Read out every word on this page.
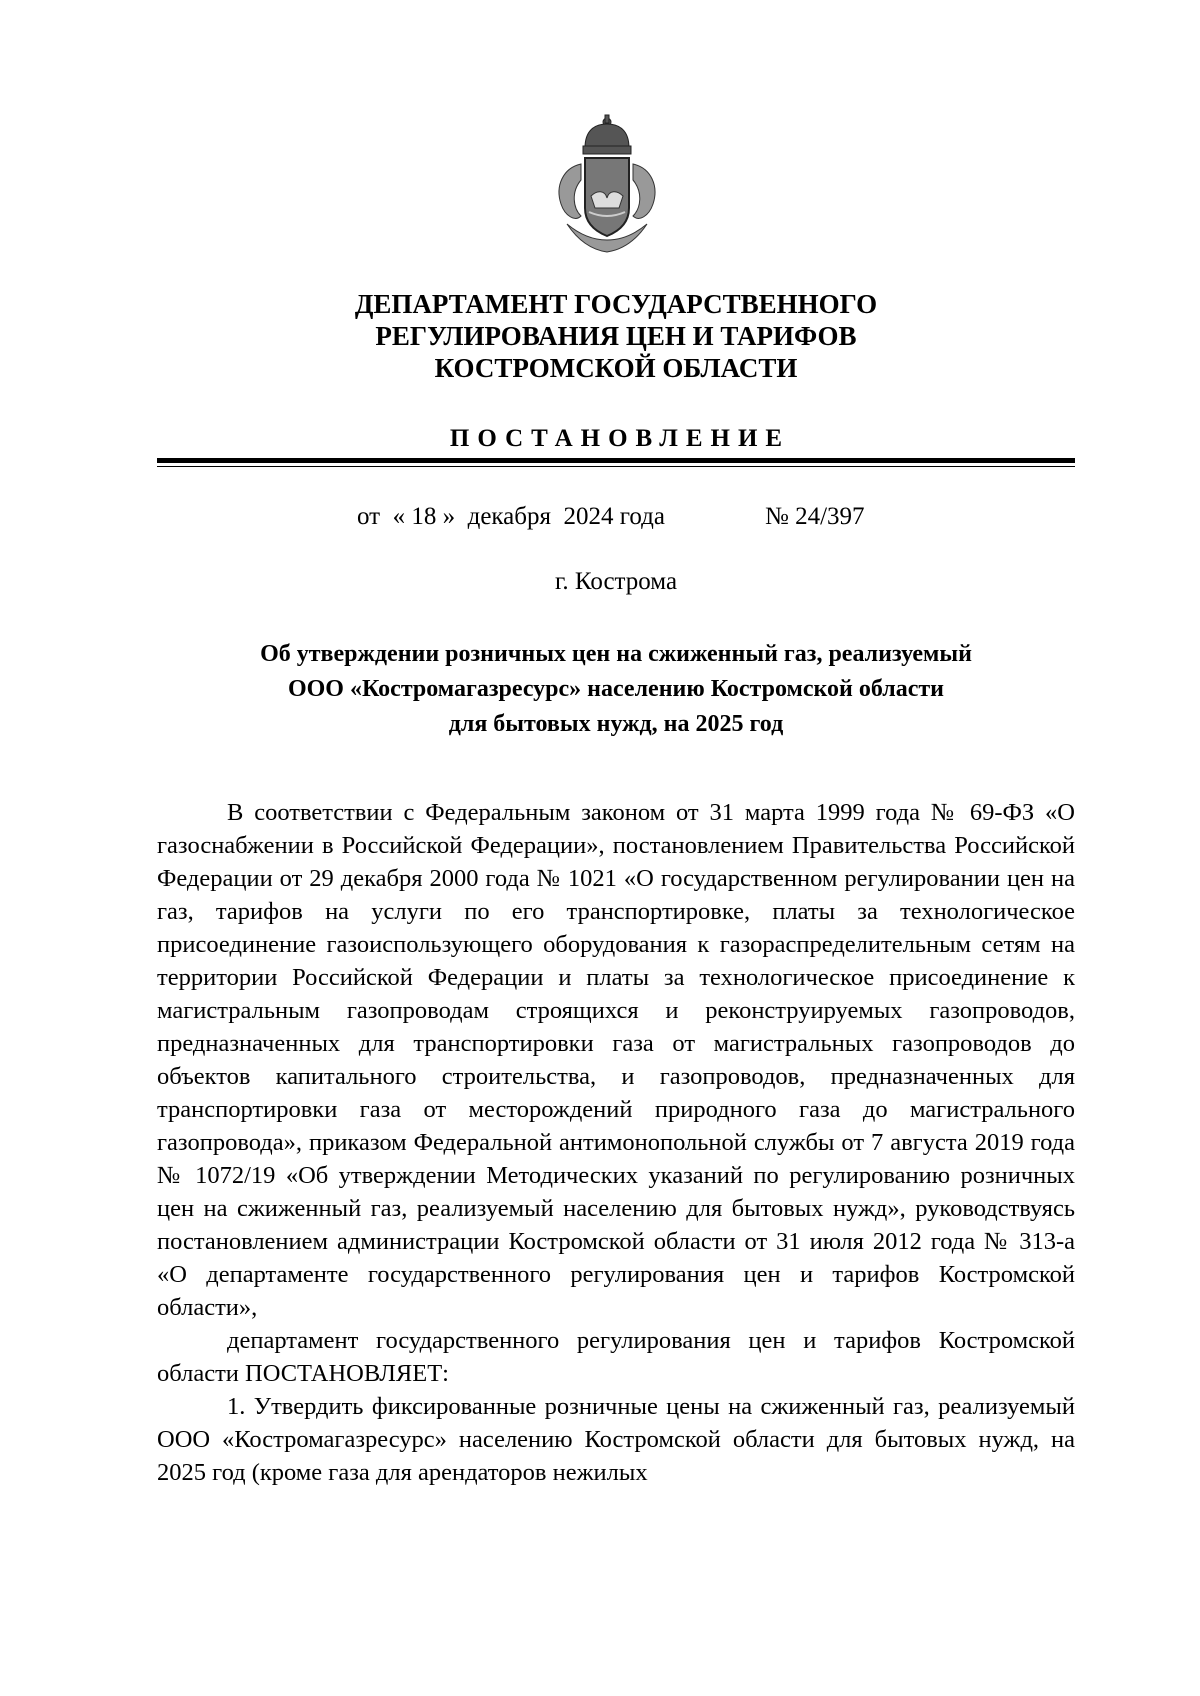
ДЕПАРТАМЕНТ ГОСУДАРСТВЕННОГО
РЕГУЛИРОВАНИЯ ЦЕН И ТАРИФОВ
КОСТРОМСКОЙ ОБЛАСТИ
ПОСТАНОВЛЕНИЕ
от  « 18 »  декабря  2024 года	№ 24/397
г. Кострома
Об утверждении розничных цен на сжиженный газ, реализуемый
ООО «Костромагазресурс» населению Костромской области
для бытовых нужд, на 2025 год

В соответствии с Федеральным законом от 31 марта 1999 года № 69-ФЗ «О газоснабжении в Российской Федерации», постановлением Правительства Российской Федерации от 29 декабря 2000 года № 1021 «О государственном регулировании цен на газ, тарифов на услуги по его транспортировке, платы за технологическое присоединение газоиспользующего оборудования к газораспределительным сетям на территории Российской Федерации и платы за технологическое присоединение к магистральным газопроводам строящихся и реконструируемых газопроводов, предназначенных для транспортировки газа от магистральных газопроводов до объектов капитального строительства, и газопроводов, предназначенных для транспортировки газа от месторождений природного газа до магистрального газопровода», приказом Федеральной антимонопольной службы от 7 августа 2019 года № 1072/19 «Об утверждении Методических указаний по регулированию розничных цен на сжиженный газ, реализуемый населению для бытовых нужд», руководствуясь постановлением администрации Костромской области от 31 июля 2012 года № 313-а «О департаменте государственного регулирования цен и тарифов Костромской области»,

департамент государственного регулирования цен и тарифов Костромской области ПОСТАНОВЛЯЕТ:

1. Утвердить фиксированные розничные цены на сжиженный газ, реализуемый ООО «Костромагазресурс» населению Костромской области для бытовых нужд, на 2025 год (кроме газа для арендаторов нежилых
